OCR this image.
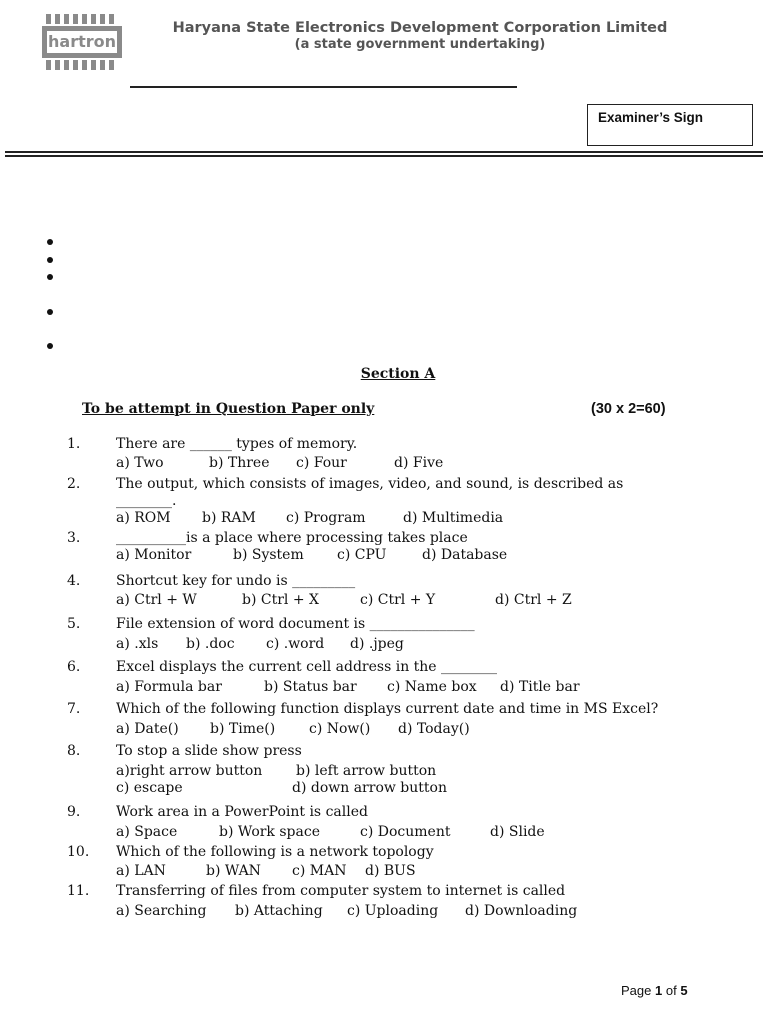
hartron
Haryana State Electronics Development Corporation Limited
(a state government undertaking)
Examiner’s Sign
Section A
To be attempt in Question Paper only	(30 x 2=60)
1.	There are ______ types of memory.
a) Two	b) Three c) Four	d) Five
2.	The output, which consists of images, video, and sound, is described as
________.
a) ROM b) RAM c) Program	d) Multimedia
3.	__________is a place where processing takes place
a) Monitor	b) System c) CPU	d) Database
4.	Shortcut key for undo is _________
a) Ctrl + W	b) Ctrl + X	c) Ctrl + Y	d) Ctrl + Z
5.	File extension of word document is _______________
a) .xls b) .doc c) .word d) .jpeg
6.	Excel displays the current cell address in the ________
a) Formula bar	b) Status bar c) Name box d) Title bar
7.	Which of the following function displays current date and time in MS Excel?
a) Date() b) Time() c) Now() d) Today()
8.	To stop a slide show press
a)right arrow button b) left arrow button
c) escape	d) down arrow button
9.	Work area in a PowerPoint is called
a) Space	b) Work space	c) Document	d) Slide
10. Which of the following is a network topology
a) LAN	b) WAN c) MAN d) BUS
11. Transferring of files from computer system to internet is called
a) Searching b) Attaching c) Uploading d) Downloading
Page 1 of 5
